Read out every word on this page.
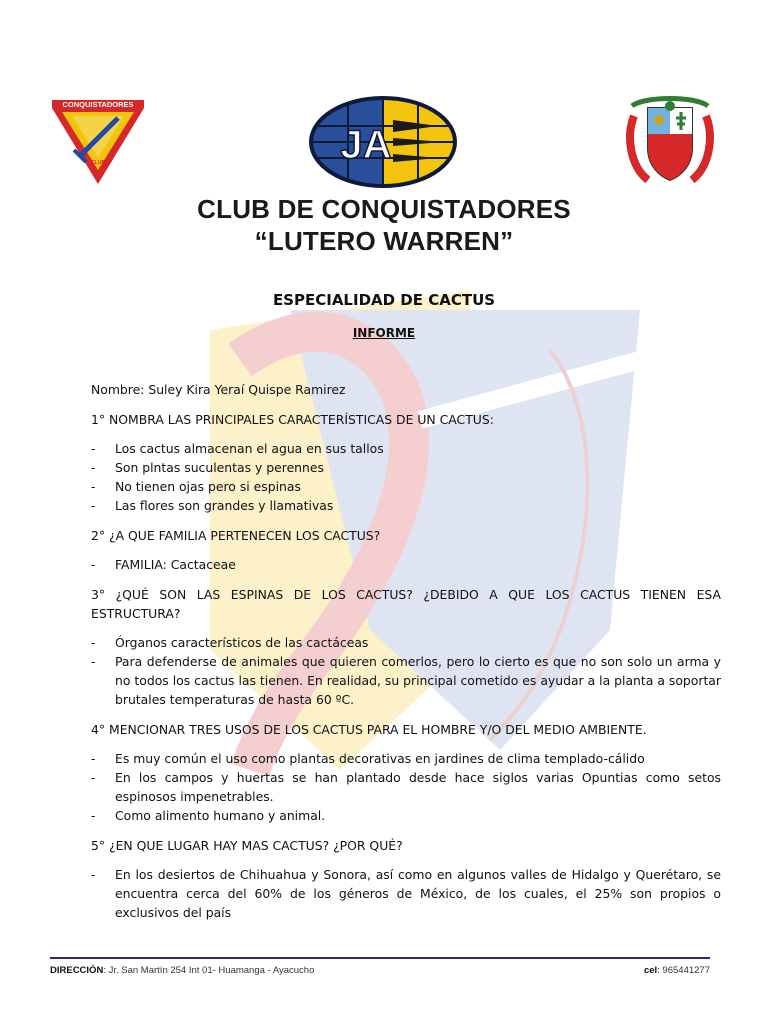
CONQUISTADORES
CLUB	JA
CLUB DE CONQUISTADORES
“LUTERO WARREN”
ESPECIALIDAD DE CACTUS
INFORME

Nombre: Suley Kira Yeraí Quispe Ramirez

1° NOMBRA LAS PRINCIPALES CARACTERÍSTICAS DE UN CACTUS:

- Los cactus almacenan el agua en sus tallos
- Son plntas suculentas y perennes
- No tienen ojas pero si espinas
- Las flores son grandes y llamativas

2° ¿A QUE FAMILIA PERTENECEN LOS CACTUS?

- FAMILIA: Cactaceae

3° ¿QUÉ SON LAS ESPINAS DE LOS CACTUS? ¿DEBIDO A QUE LOS CACTUS TIENEN ESA ESTRUCTURA?

- Órganos característicos de las cactáceas
- Para defenderse de animales que quieren comerlos, pero lo cierto es que no son solo un arma y no todos los cactus las tienen. En realidad, su principal cometido es ayudar a la planta a soportar brutales temperaturas de hasta 60 ºC.

4° MENCIONAR TRES USOS DE LOS CACTUS PARA EL HOMBRE Y/O DEL MEDIO AMBIENTE.

- Es muy común el uso como plantas decorativas en jardines de clima templado-cálido
- En los campos y huertas se han plantado desde hace siglos varias Opuntias como setos espinosos impenetrables.
- Como alimento humano y animal.

5° ¿EN QUE LUGAR HAY MAS CACTUS? ¿POR QUÉ?

- En los desiertos de Chihuahua y Sonora, así como en algunos valles de Hidalgo y Querétaro, se encuentra cerca del 60% de los géneros de México, de los cuales, el 25% son propios o exclusivos del país
DIRECCIÓN: Jr. San Martín 254 Int 01- Huamanga - Ayacucho	cel: 965441277
